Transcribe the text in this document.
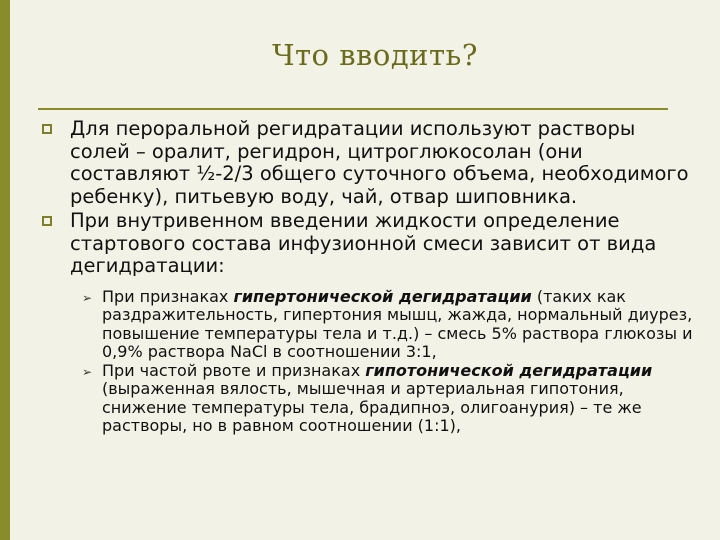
Что вводить?
Для пероральной регидратации используют растворы солей – оралит, регидрон, цитроглюкосолан (они составляют ½-2/3 общего суточного объема, необходимого ребенку), питьевую воду, чай, отвар шиповника.
При внутривенном введении жидкости определение стартового состава инфузионной смеси зависит от вида дегидратации:
➢ При признаках гипертонической дегидратации (таких как раздражительность, гипертония мышц, жажда, нормальный диурез, повышение температуры тела и т.д.) – смесь 5% раствора глюкозы и 0,9% раствора NaCl в соотношении 3:1,
➢ При частой рвоте и признаках гипотонической дегидратации (выраженная вялость, мышечная и артериальная гипотония, снижение температуры тела, брадипноэ, олигоанурия) – те же растворы, но в равном соотношении (1:1),
